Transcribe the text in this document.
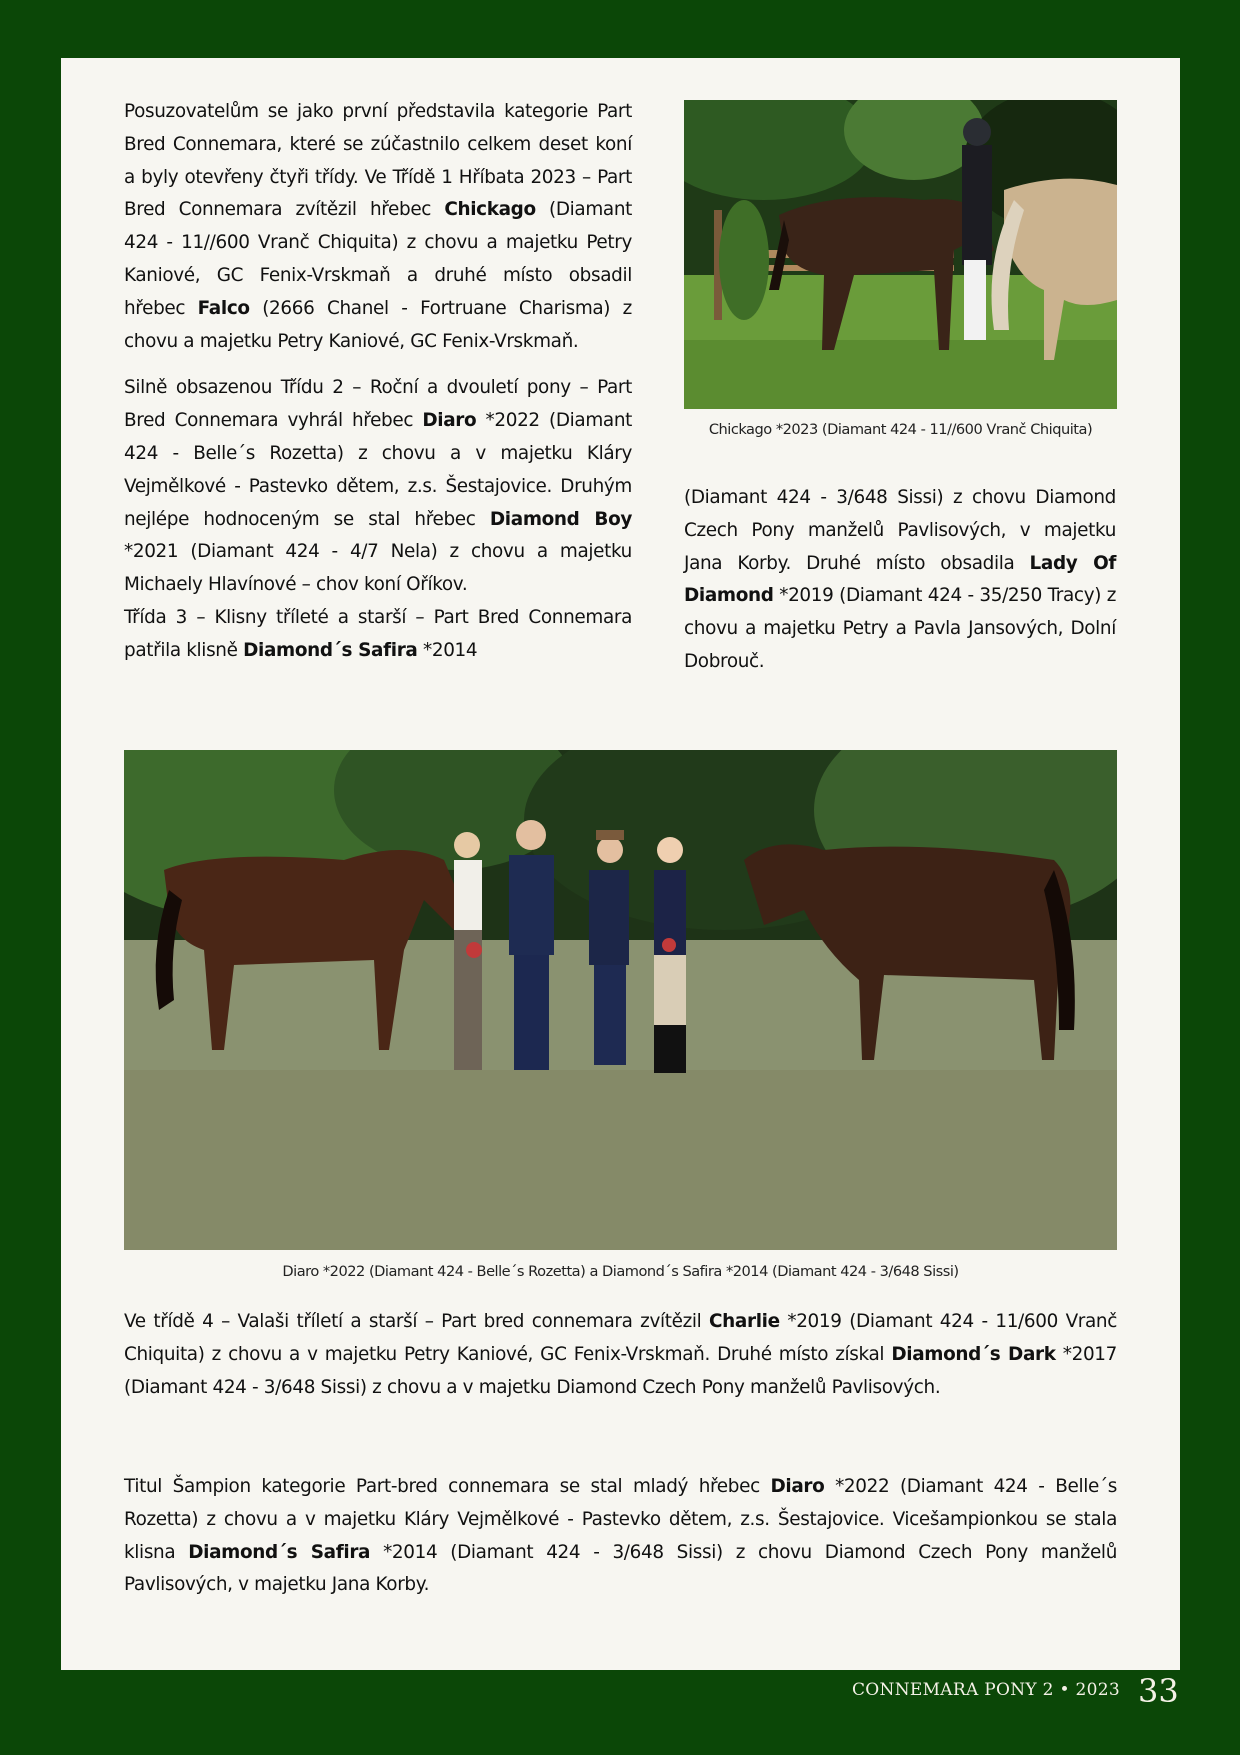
Posuzovatelům se jako první představila kategorie Part Bred Connemara, které se zúčastnilo celkem deset koní a byly otevřeny čtyři třídy. Ve Třídě 1 Hříbata 2023 – Part Bred Connemara zvítězil hřebec Chickago (Diamant 424 - 11//600 Vranč Chiquita) z chovu a majetku Petry Kaniové, GC Fenix-Vrskmaň a druhé místo obsadil hřebec Falco (2666 Chanel - Fortruane Charisma) z chovu a majetku Petry Kaniové, GC Fenix-Vrskmaň.

Silně obsazenou Třídu 2 – Roční a dvouletí pony – Part Bred Connemara vyhrál hřebec Diaro *2022 (Diamant 424 - Belle´s Rozetta) z chovu a v majetku Kláry Vejmělkové - Pastevko dětem, z.s. Šestajovice. Druhým nejlépe hodnoceným se stal hřebec Diamond Boy *2021 (Diamant 424 - 4/7 Nela) z chovu a majetku Michaely Hlavínové – chov koní Oříkov.

Třída 3 – Klisny tříleté a starší – Part Bred Connemara patřila klisně Diamond´s Safira *2014

Chickago *2023 (Diamant 424 - 11//600 Vranč Chiquita)

(Diamant 424 - 3/648 Sissi) z chovu Diamond Czech Pony manželů Pavlisových, v majetku Jana Korby. Druhé místo obsadila Lady Of Diamond *2019 (Diamant 424 - 35/250 Tracy) z chovu a majetku Petry a Pavla Jansových, Dolní Dobrouč.

Diaro *2022 (Diamant 424 - Belle´s Rozetta) a Diamond´s Safira *2014 (Diamant 424 - 3/648 Sissi)

Ve třídě 4 – Valaši tříletí a starší – Part bred connemara zvítězil Charlie *2019 (Diamant 424 - 11/600 Vranč Chiquita) z chovu a v majetku Petry Kaniové, GC Fenix-Vrskmaň. Druhé místo získal Diamond´s Dark *2017 (Diamant 424 - 3/648 Sissi) z chovu a v majetku Diamond Czech Pony manželů Pavlisových.

Titul Šampion kategorie Part-bred connemara se stal mladý hřebec Diaro *2022 (Diamant 424 - Belle´s Rozetta) z chovu a v majetku Kláry Vejmělkové - Pastevko dětem, z.s. Šestajovice. Vicešampionkou se stala klisna Diamond´s Safira *2014 (Diamant 424 - 3/648 Sissi) z chovu Diamond Czech Pony manželů Pavlisových, v majetku Jana Korby.

CONNEMARA PONY 2 • 2023 33
